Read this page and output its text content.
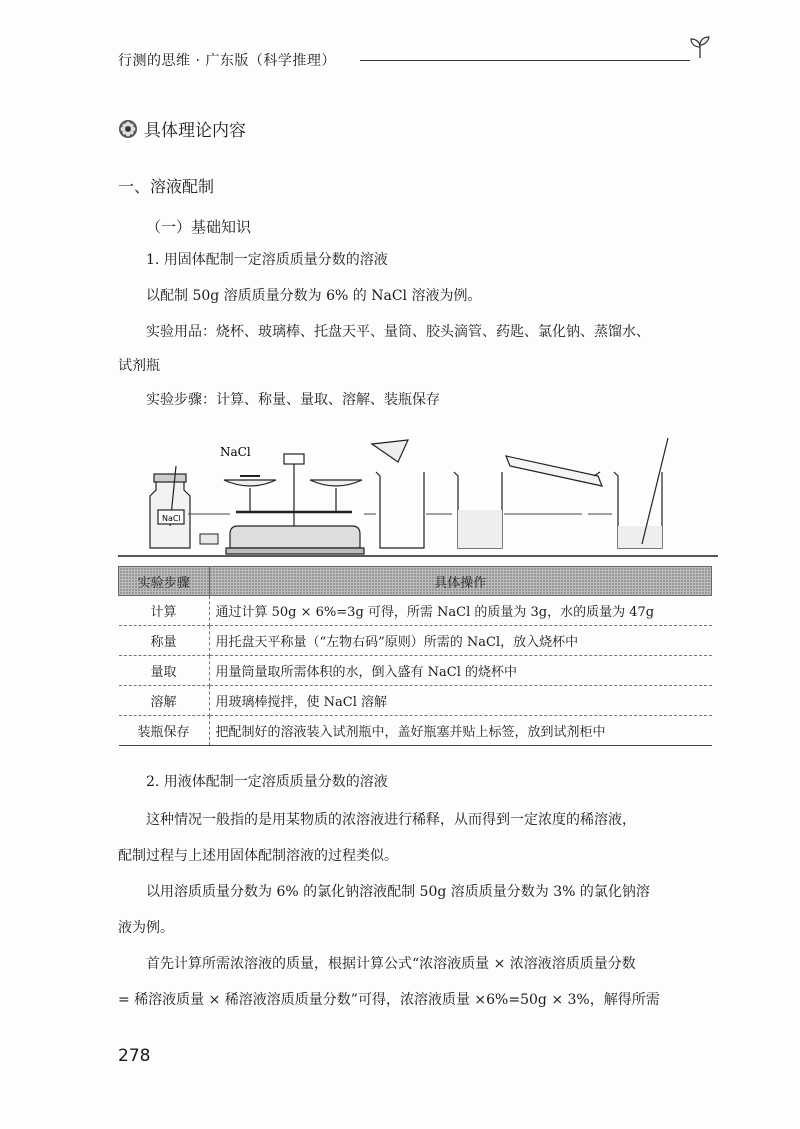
行测的思维 · 广东版（科学推理）
具体理论内容
一、溶液配制
（一）基础知识
1. 用固体配制一定溶质质量分数的溶液
以配制 50g 溶质质量分数为 6% 的 NaCl 溶液为例。
实验用品：烧杯、玻璃棒、托盘天平、量筒、胶头滴管、药匙、氯化钠、蒸馏水、
试剂瓶
实验步骤：计算、称量、量取、溶解、装瓶保存
NaCl
NaCl
实验步骤	具体操作
计算	通过计算 50g × 6%=3g 可得，所需 NaCl 的质量为 3g，水的质量为 47g
称量	用托盘天平称量（“左物右码”原则）所需的 NaCl，放入烧杯中
量取	用量筒量取所需体积的水，倒入盛有 NaCl 的烧杯中
溶解	用玻璃棒搅拌，使 NaCl 溶解
装瓶保存	把配制好的溶液装入试剂瓶中，盖好瓶塞并贴上标签，放到试剂柜中
2. 用液体配制一定溶质质量分数的溶液
这种情况一般指的是用某物质的浓溶液进行稀释，从而得到一定浓度的稀溶液，
配制过程与上述用固体配制溶液的过程类似。
以用溶质质量分数为 6% 的氯化钠溶液配制 50g 溶质质量分数为 3% 的氯化钠溶
液为例。
首先计算所需浓溶液的质量，根据计算公式“浓溶液质量 × 浓溶液溶质质量分数
= 稀溶液质量 × 稀溶液溶质质量分数”可得，浓溶液质量 ×6%=50g × 3%，解得所需
278
